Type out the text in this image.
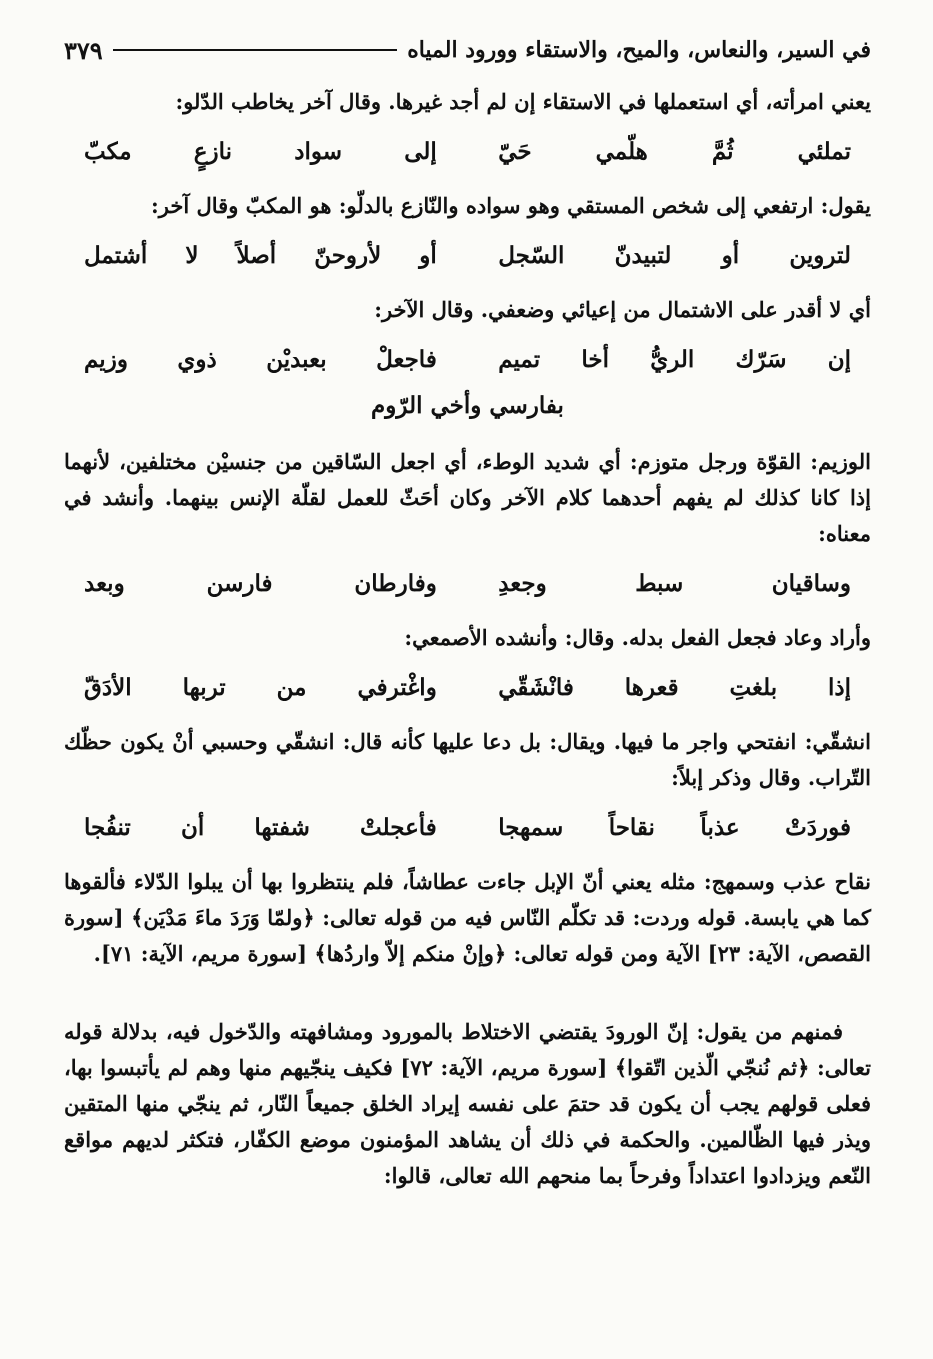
في السير، والنعاس، والميح، والاستقاء وورود المياه
٣٧٩

يعني امرأته، أي استعملها في الاستقاء إن لم أجد غيرها. وقال آخر يخاطب الدّلو:

تملئي ثُمَّ هلّمي حَيّ
إلى سواد نازعٍ مكبّ

يقول: ارتفعي إلى شخص المستقي وهو سواده والنّازع بالدلّو: هو المكبّ وقال آخر:

لتروين أو لتبيدنّ السّجل
أو لأروحنّ أصلاً لا أشتمل

أي لا أقدر على الاشتمال من إعيائي وضعفي. وقال الآخر:

إن سَرّك الريُّ أخا تميم
فاجعلْ بعبديْن ذوي وزيم
بفارسي وأخي الرّوم

الوزيم: القوّة ورجل متوزم: أي شديد الوطء، أي اجعل السّاقين من جنسيْن مختلفين، لأنهما إذا كانا كذلك لم يفهم أحدهما كلام الآخر وكان أحَثّ للعمل لقلّة الإنس بينهما. وأنشد في معناه:

وساقيان سبط وجعدِ
وفارطان فارسن وبعد

وأراد وعاد فجعل الفعل بدله. وقال: وأنشده الأصمعي:

إذا بلغتِ قعرها فانْشَقّي
واغْترفي من تربها الأدَقّ

انشقّي: انفتحي واجر ما فيها. ويقال: بل دعا عليها كأنه قال: انشقّي وحسبي أنْ يكون حظّك التّراب. وقال وذكر إبلاً:

فوردَتْ عذباً نقاحاً سمهجا
فأعجلتْ شفتها أن تنفُجا

نقاح عذب وسمهج: مثله يعني أنّ الإبل جاءت عطاشاً، فلم ينتظروا بها أن يبلوا الدّلاء فألقوها كما هي يابسة. قوله وردت: قد تكلّم النّاس فيه من قوله تعالى: ﴿ولمّا وَرَدَ ماءَ مَدْيَن﴾ [سورة القصص، الآية: ٢٣] الآية ومن قوله تعالى: ﴿وإنْ منكم إلاّ واردُها﴾ [سورة مريم، الآية: ٧١].

فمنهم من يقول: إنّ الورودَ يقتضي الاختلاط بالمورود ومشافهته والدّخول فيه، بدلالة قوله تعالى: ﴿ثم نُنجّي الّذين اتّقوا﴾ [سورة مريم، الآية: ٧٢] فكيف ينجّيهم منها وهم لم يأتبسوا بها، فعلى قولهم يجب أن يكون قد حتمَ على نفسه إيراد الخلق جميعاً النّار، ثم ينجّي منها المتقين ويذر فيها الظّالمين. والحكمة في ذلك أن يشاهد المؤمنون موضع الكفّار، فتكثر لديهم مواقع النّعم ويزدادوا اعتداداً وفرحاً بما منحهم الله تعالى، قالوا:
